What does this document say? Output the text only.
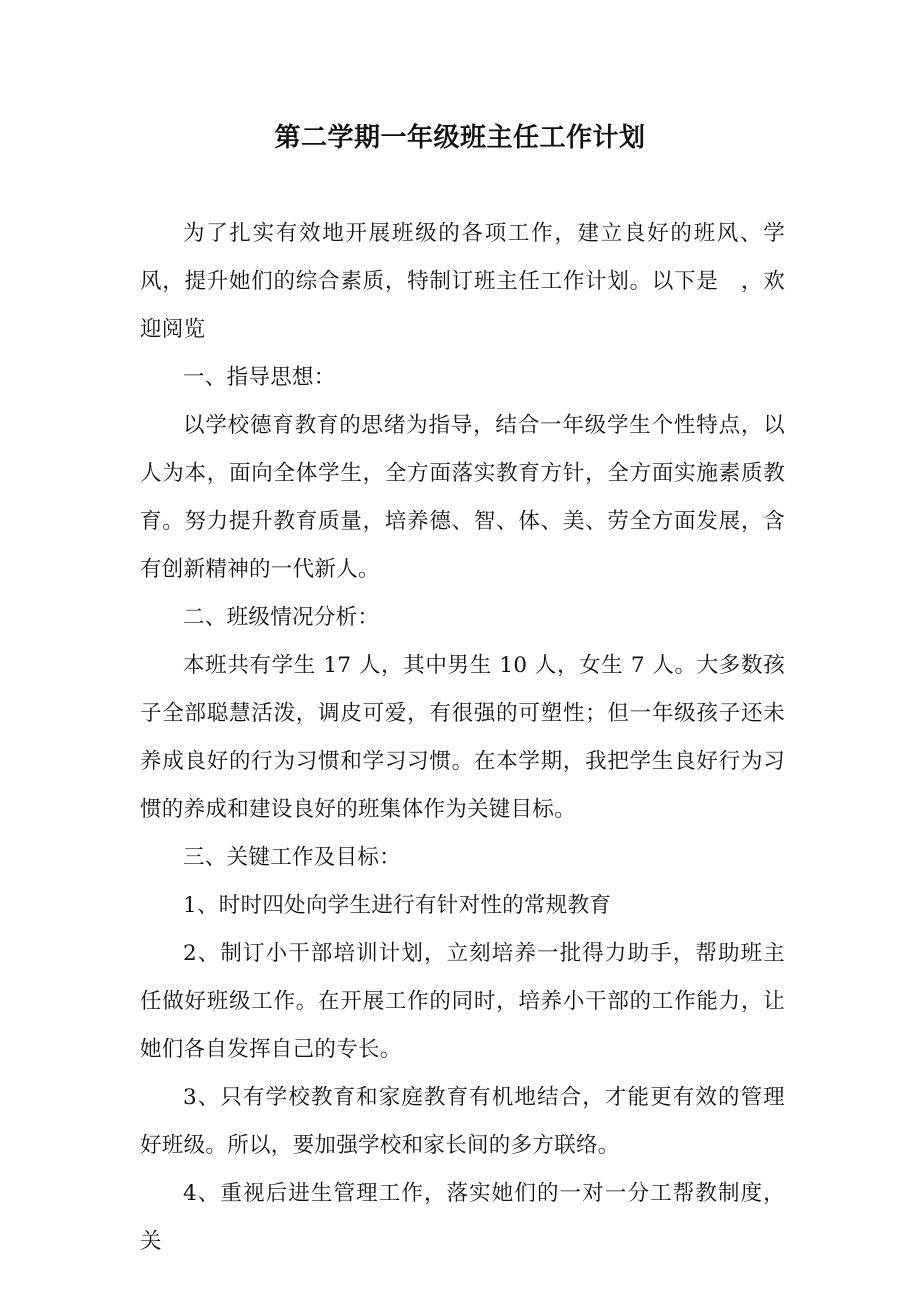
第二学期一年级班主任工作计划

为了扎实有效地开展班级的各项工作，建立良好的班风、学风，提升她们的综合素质，特制订班主任工作计划。以下是　，欢迎阅览

一、指导思想：

以学校德育教育的思绪为指导，结合一年级学生个性特点，以人为本，面向全体学生，全方面落实教育方针，全方面实施素质教育。努力提升教育质量，培养德、智、体、美、劳全方面发展，含有创新精神的一代新人。

二、班级情况分析：

本班共有学生 17 人，其中男生 10 人，女生 7 人。大多数孩子全部聪慧活泼，调皮可爱，有很强的可塑性；但一年级孩子还未养成良好的行为习惯和学习习惯。在本学期，我把学生良好行为习惯的养成和建设良好的班集体作为关键目标。

三、关键工作及目标：

1、时时四处向学生进行有针对性的常规教育

2、制订小干部培训计划，立刻培养一批得力助手，帮助班主任做好班级工作。在开展工作的同时，培养小干部的工作能力，让她们各自发挥自己的专长。

3、只有学校教育和家庭教育有机地结合，才能更有效的管理好班级。所以，要加强学校和家长间的多方联络。

4、重视后进生管理工作，落实她们的一对一分工帮教制度，关
